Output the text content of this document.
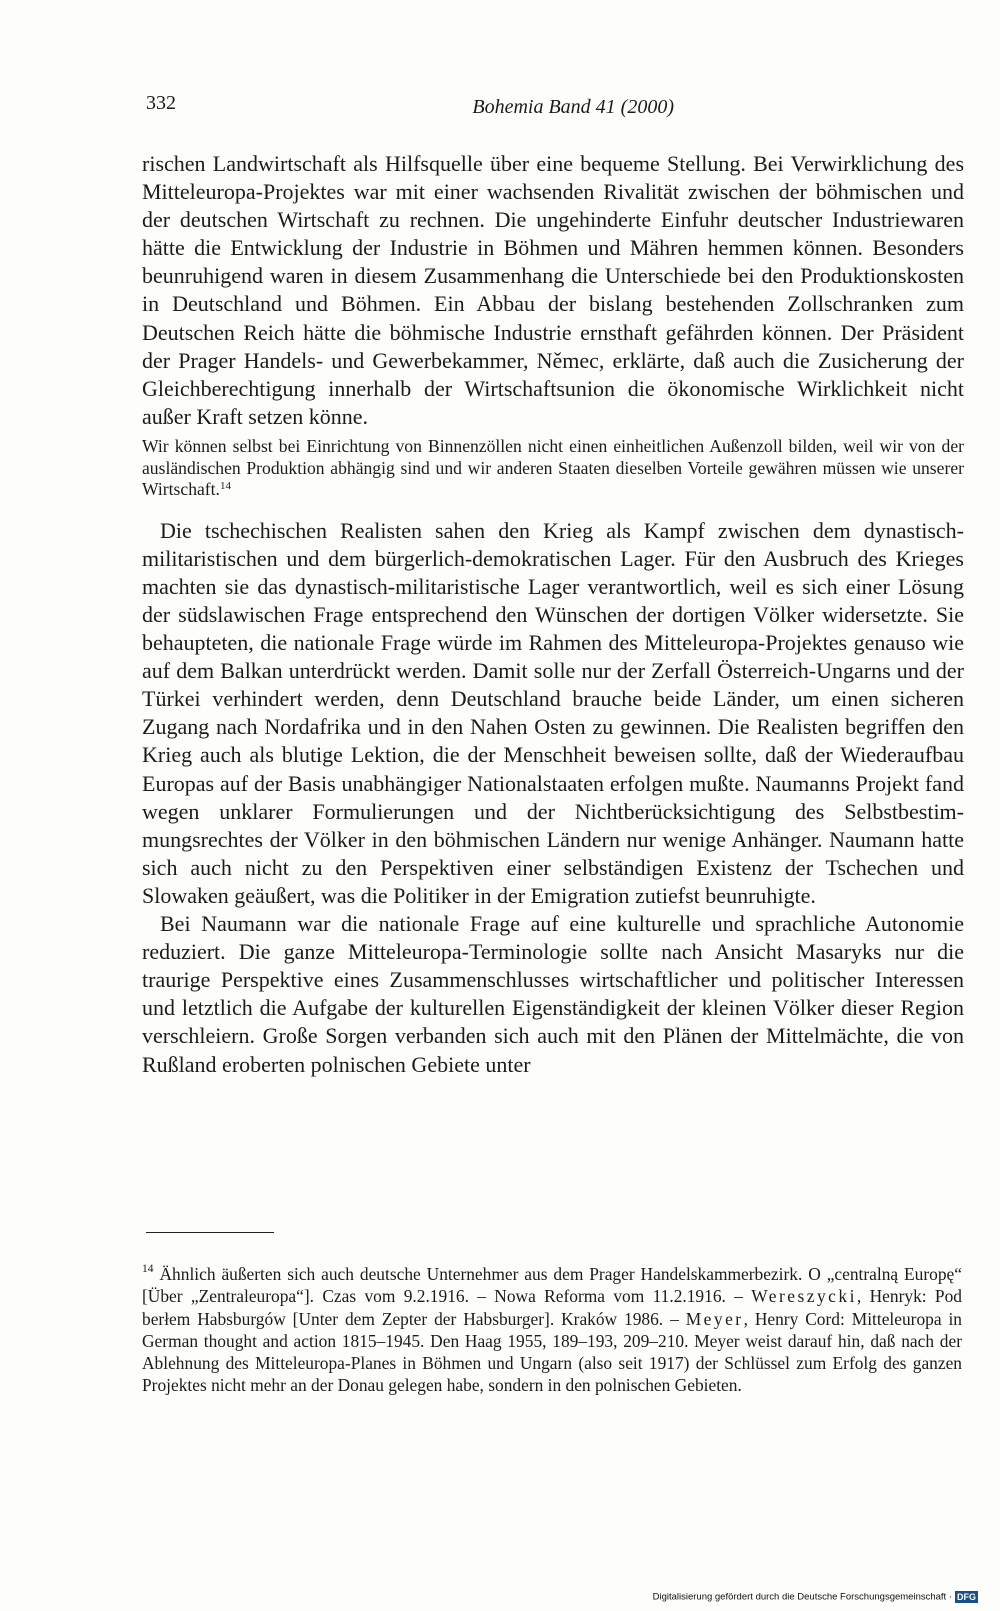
332	Bohemia Band 41 (2000)

rischen Landwirtschaft als Hilfsquelle über eine bequeme Stellung. Bei Verwirklichung des Mitteleuropa-Projektes war mit einer wachsenden Rivalität zwischen der böhmischen und der deutschen Wirtschaft zu rechnen. Die ungehinderte Einfuhr deutscher Industriewaren hätte die Entwicklung der Industrie in Böhmen und Mähren hemmen können. Besonders beunruhigend waren in diesem Zusammenhang die Unterschiede bei den Produktionskosten in Deutschland und Böhmen. Ein Abbau der bislang bestehenden Zollschranken zum Deutschen Reich hätte die böhmische Industrie ernsthaft gefährden können. Der Präsident der Prager Handels- und Gewerbekammer, Němec, erklärte, daß auch die Zusicherung der Gleichberechtigung innerhalb der Wirtschaftsunion die ökonomische Wirklichkeit nicht außer Kraft setzen könne.

Wir können selbst bei Einrichtung von Binnenzöllen nicht einen einheitlichen Außenzoll bilden, weil wir von der ausländischen Produktion abhängig sind und wir anderen Staaten dieselben Vorteile gewähren müssen wie unserer Wirtschaft.$^{14}$

Die tschechischen Realisten sahen den Krieg als Kampf zwischen dem dynastisch-militaristischen und dem bürgerlich-demokratischen Lager. Für den Ausbruch des Krieges machten sie das dynastisch-militaristische Lager verantwortlich, weil es sich einer Lösung der südslawischen Frage entsprechend den Wünschen der dortigen Völker widersetzte. Sie behaupteten, die nationale Frage würde im Rahmen des Mitteleuropa-Projektes genauso wie auf dem Balkan unterdrückt werden. Damit solle nur der Zerfall Österreich-Ungarns und der Türkei verhindert werden, denn Deutschland brauche beide Länder, um einen sicheren Zugang nach Nordafrika und in den Nahen Osten zu gewinnen. Die Realisten begriffen den Krieg auch als blutige Lektion, die der Menschheit beweisen sollte, daß der Wiederaufbau Europas auf der Basis unabhängiger Nationalstaaten erfolgen mußte. Naumanns Projekt fand wegen unklarer Formulierungen und der Nichtberücksichtigung des Selbstbestimmungsrechtes der Völker in den böhmischen Ländern nur wenige Anhänger. Naumann hatte sich auch nicht zu den Perspektiven einer selbständigen Existenz der Tschechen und Slowaken geäußert, was die Politiker in der Emigration zutiefst beunruhigte.

Bei Naumann war die nationale Frage auf eine kulturelle und sprachliche Autonomie reduziert. Die ganze Mitteleuropa-Terminologie sollte nach Ansicht Masaryks nur die traurige Perspektive eines Zusammenschlusses wirtschaftlicher und politischer Interessen und letztlich die Aufgabe der kulturellen Eigenständigkeit der kleinen Völker dieser Region verschleiern. Große Sorgen verbanden sich auch mit den Plänen der Mittelmächte, die von Rußland eroberten polnischen Gebiete unter

$^{14}$ Ähnlich äußerten sich auch deutsche Unternehmer aus dem Prager Handelskammerbezirk. O „centralną Europę“ [Über „Zentraleuropa“]. Czas vom 9.2.1916. – Nowa Reforma vom 11.2.1916. – Wereszycki, Henryk: Pod berłem Habsburgów [Unter dem Zepter der Habsburger]. Kraków 1986. – Meyer, Henry Cord: Mitteleuropa in German thought and action 1815–1945. Den Haag 1955, 189–193, 209–210. Meyer weist darauf hin, daß nach der Ablehnung des Mitteleuropa-Planes in Böhmen und Ungarn (also seit 1917) der Schlüssel zum Erfolg des ganzen Projektes nicht mehr an der Donau gelegen habe, sondern in den polnischen Gebieten.
Digitalisierung gefördert durch die Deutsche Forschungsgemeinschaft · DFG
